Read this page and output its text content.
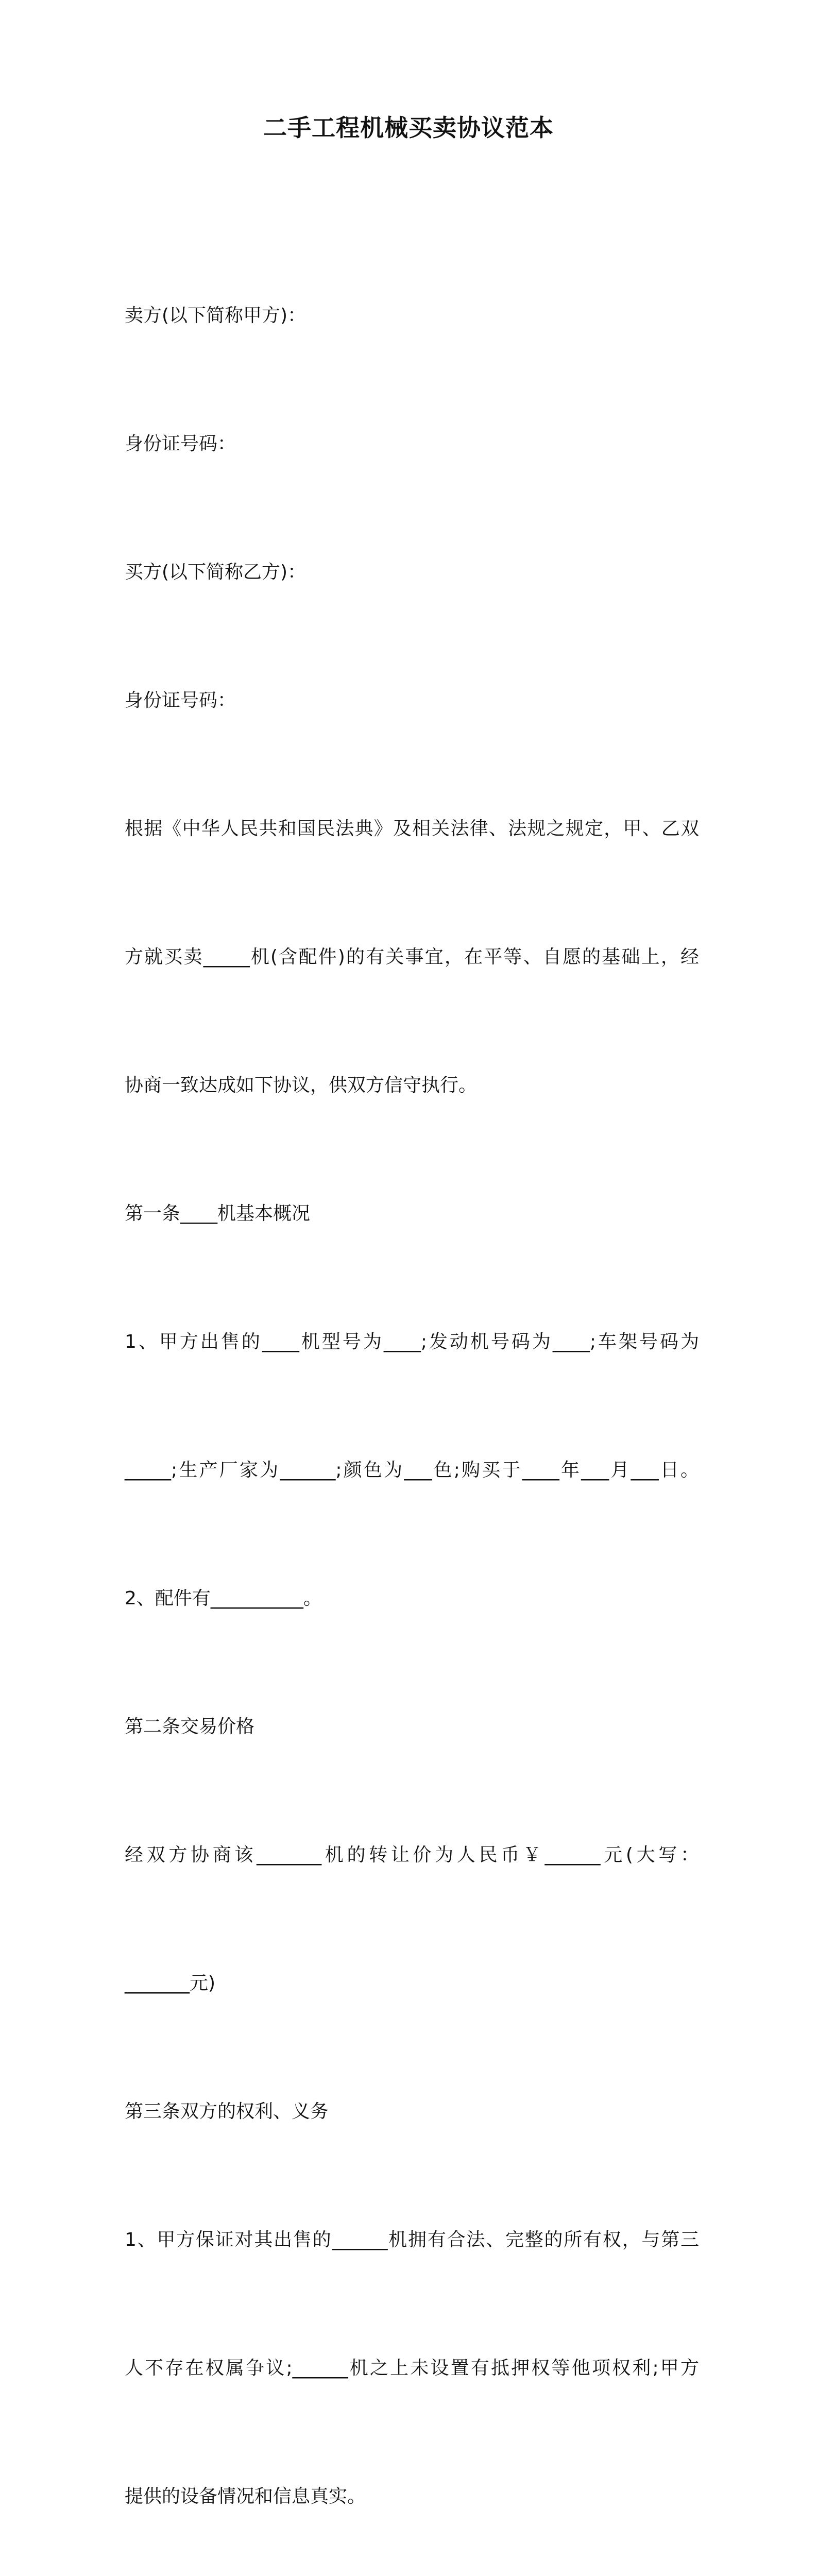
二手工程机械买卖协议范本

卖方(以下简称甲方)：

身份证号码：

买方(以下简称乙方)：

身份证号码：

根据《中华人民共和国民法典》及相关法律、法规之规定，甲、乙双

方就买卖_____机(含配件)的有关事宜，在平等、自愿的基础上，经

协商一致达成如下协议，供双方信守执行。

第一条____机基本概况

1、甲方出售的____机型号为____;发动机号码为____;车架号码为

_____;生产厂家为______;颜色为___色;购买于____年___月___日。

2、配件有__________。

第二条交易价格

经双方协商该_______机的转让价为人民币￥______元(大写：

_______元)

第三条双方的权利、义务

1、甲方保证对其出售的______机拥有合法、完整的所有权，与第三

人不存在权属争议;______机之上未设置有抵押权等他项权利;甲方

提供的设备情况和信息真实。
